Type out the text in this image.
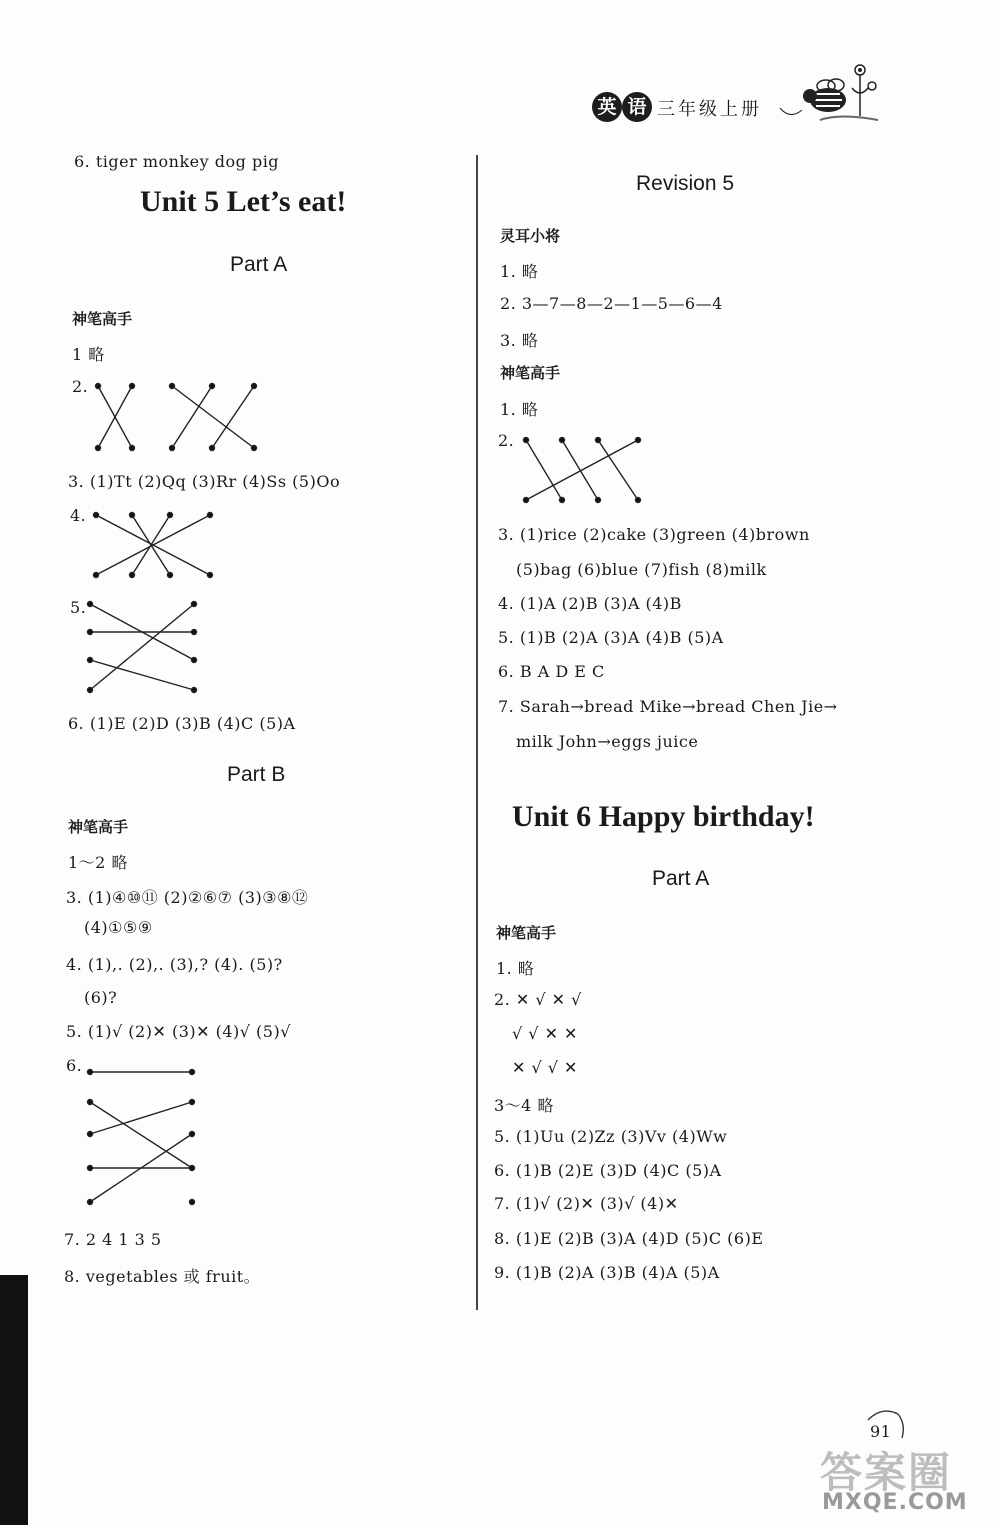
英 语 三年级上册
6. tiger monkey dog pig
Unit 5 Let’s eat!
Part A
神笔高手
1 略
2.
3. (1)Tt (2)Qq (3)Rr (4)Ss (5)Oo
4.
5.
6. (1)E (2)D (3)B (4)C (5)A
Part B
神笔高手
1～2 略
3. (1)④⑩⑪ (2)②⑥⑦ (3)③⑧⑫
(4)①⑤⑨
4. (1),. (2),. (3),? (4). (5)?
(6)?
5. (1)√ (2)✕ (3)✕ (4)√ (5)√
6.
7. 2 4 1 3 5
8. vegetables 或 fruit。
Revision 5
灵耳小将
1. 略
2. 3—7—8—2—1—5—6—4
3. 略
神笔高手
1. 略
2.
3. (1)rice (2)cake (3)green (4)brown
(5)bag (6)blue (7)fish (8)milk
4. (1)A (2)B (3)A (4)B
5. (1)B (2)A (3)A (4)B (5)A
6. B A D E C
7. Sarah→bread Mike→bread Chen Jie→
milk John→eggs juice
Unit 6 Happy birthday!
Part A
神笔高手
1. 略
2. ✕ √ ✕ √
√ √ ✕ ✕
✕ √ √ ✕
3～4 略
5. (1)Uu (2)Zz (3)Vv (4)Ww
6. (1)B (2)E (3)D (4)C (5)A
7. (1)√ (2)✕ (3)√ (4)✕
8. (1)E (2)B (3)A (4)D (5)C (6)E
9. (1)B (2)A (3)B (4)A (5)A
91
答案圈
MXQE.COM
